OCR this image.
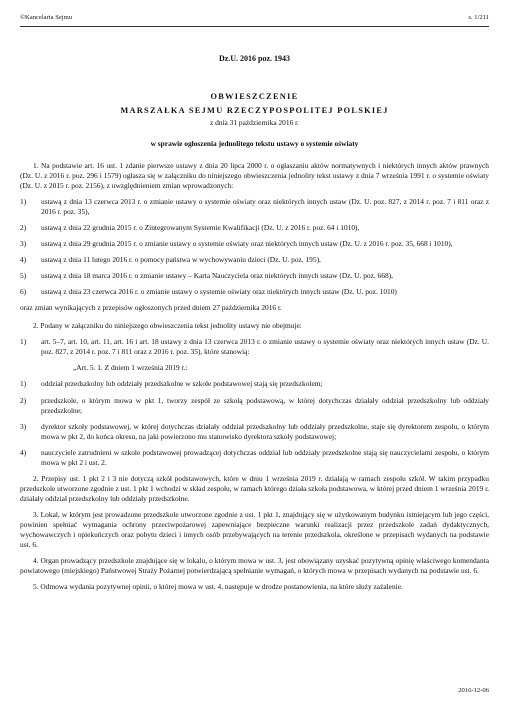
©Kancelaria Sejmu	s. 1/211
Dz.U. 2016 poz. 1943
OBWIESZCZENIE
MARSZAŁKA SEJMU RZECZYPOSPOLITEJ POLSKIEJ
z dnia 31 października 2016 r.
w sprawie ogłoszenia jednolitego tekstu ustawy o systemie oświaty

1. Na podstawie art. 16 ust. 1 zdanie pierwsze ustawy z dnia 20 lipca 2000 r. o ogłaszaniu aktów normatywnych i niektórych innych aktów prawnych (Dz. U. z 2016 r. poz. 296 i 1579) ogłasza się w załączniku do niniejszego obwieszczenia jednolity tekst ustawy z dnia 7 września 1991 r. o systemie oświaty (Dz. U. z 2015 r. poz. 2156), z uwzględnieniem zmian wprowadzonych:

1)	ustawą z dnia 13 czerwca 2013 r. o zmianie ustawy o systemie oświaty oraz niektórych innych ustaw (Dz. U. poz. 827, z 2014 r. poz. 7 i 811 oraz z 2016 r. poz. 35),
2)	ustawą z dnia 22 grudnia 2015 r. o Zintegrowanym Systemie Kwalifikacji (Dz. U. z 2016 r. poz. 64 i 1010),
3)	ustawą z dnia 29 grudnia 2015 r. o zmianie ustawy o systemie oświaty oraz niektórych innych ustaw (Dz. U. z 2016 r. poz. 35, 668 i 1010),
4)	ustawą z dnia 11 lutego 2016 r. o pomocy państwa w wychowywaniu dzieci (Dz. U. poz. 195),
5)	ustawą z dnia 18 marca 2016 r. o zmianie ustawy – Karta Nauczyciela oraz niektórych innych ustaw (Dz. U. poz. 668),
6)	ustawą z dnia 23 czerwca 2016 r. o zmianie ustawy o systemie oświaty oraz niektórych innych ustaw (Dz. U. poz. 1010)

oraz zmian wynikających z przepisów ogłoszonych przed dniem 27 października 2016 r.

2. Podany w załączniku do niniejszego obwieszczenia tekst jednolity ustawy nie obejmuje:

1)	art. 5–7, art. 10, art. 11, art. 16 i art. 18 ustawy z dnia 13 czerwca 2013 r. o zmianie ustawy o systemie oświaty oraz niektórych innych ustaw (Dz. U. poz. 827, z 2014 r. poz. 7 i 811 oraz z 2016 r. poz. 35), które stanowią:
„Art. 5. 1. Z dniem 1 września 2019 r.:
1)	oddział przedszkolny lub oddziały przedszkolne w szkole podstawowej stają się przedszkolem;
2)	przedszkole, o którym mowa w pkt 1, tworzy zespół ze szkołą podstawową, w której dotychczas działały oddział przedszkolny lub oddziały przedszkolne;
3)	dyrektor szkoły podstawowej, w której dotychczas działały oddział przedszkolny lub oddziały przedszkolne, staje się dyrektorem zespołu, o którym mowa w pkt 2, do końca okresu, na jaki powierzono mu stanowisko dyrektora szkoły podstawowej;
4)	nauczyciele zatrudnieni w szkole podstawowej prowadzącej dotychczas oddział lub oddziały przedszkolne stają się nauczycielami zespołu, o którym mowa w pkt 2 i ust. 2.

2. Przepisy ust. 1 pkt 2 i 3 nie dotyczą szkół podstawowych, które w dniu 1 września 2019 r. działają w ramach zespołu szkół. W takim przypadku przedszkole utworzone zgodnie z ust. 1 pkt 1 wchodzi w skład zespołu, w ramach którego działa szkoła podstawowa, w której przed dniem 1 września 2019 r. działały oddział przedszkolny lub oddziały przedszkolne.

3. Lokal, w którym jest prowadzone przedszkole utworzone zgodnie z ust. 1 pkt 1, znajdujący się w użytkowanym budynku istniejącym lub jego części, powinien spełniać wymagania ochrony przeciwpożarowej zapewniające bezpieczne warunki realizacji przez przedszkole zadań dydaktycznych, wychowawczych i opiekuńczych oraz pobytu dzieci i innych osób przebywających na terenie przedszkola, określone w przepisach wydanych na podstawie ust. 6.

4. Organ prowadzący przedszkole znajdujące się w lokalu, o którym mowa w ust. 3, jest obowiązany uzyskać pozytywną opinię właściwego komendanta powiatowego (miejskiego) Państwowej Straży Pożarnej potwierdzającą spełnianie wymagań, o których mowa w przepisach wydanych na podstawie ust. 6.

5. Odmowa wydania pozytywnej opinii, o której mowa w ust. 4, następuje w drodze postanowienia, na które służy zażalenie.

2016-12-06
